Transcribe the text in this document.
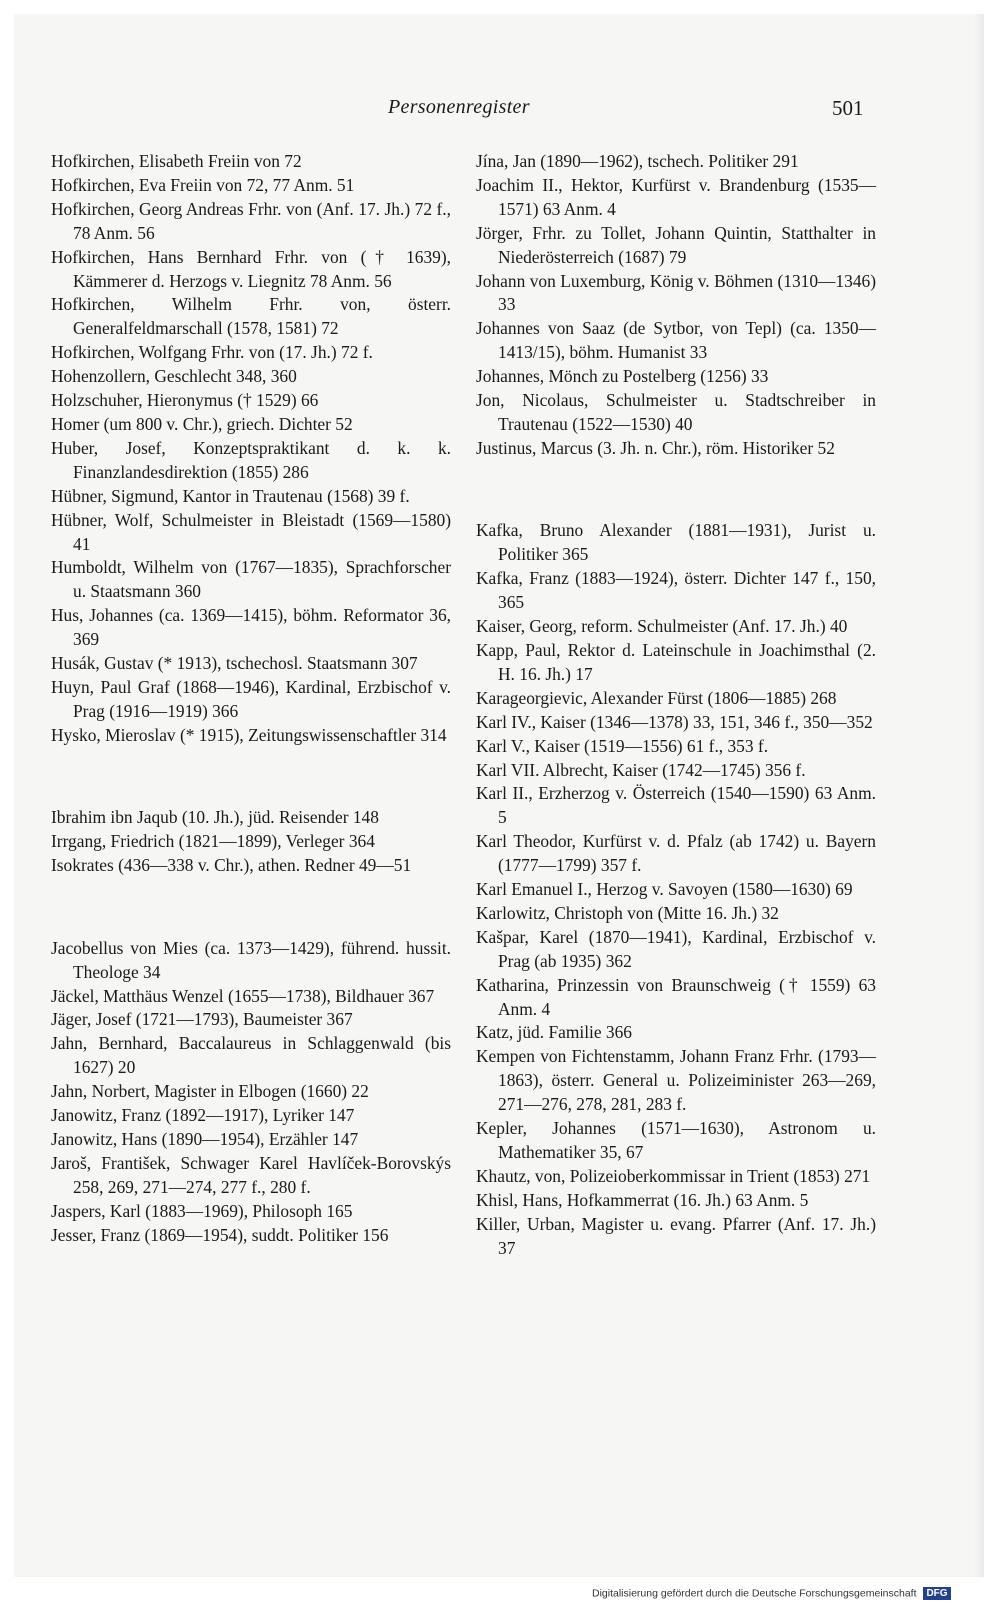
Personenregister	501

Hofkirchen, Elisabeth Freiin von 72

Hofkirchen, Eva Freiin von 72, 77 Anm. 51

Hofkirchen, Georg Andreas Frhr. von (Anf. 17. Jh.) 72 f., 78 Anm. 56

Hofkirchen, Hans Bernhard Frhr. von († 1639), Kämmerer d. Herzogs v. Liegnitz 78 Anm. 56

Hofkirchen, Wilhelm Frhr. von, österr. Generalfeldmarschall (1578, 1581) 72

Hofkirchen, Wolfgang Frhr. von (17. Jh.) 72 f.

Hohenzollern, Geschlecht 348, 360

Holzschuher, Hieronymus († 1529) 66

Homer (um 800 v. Chr.), griech. Dichter 52

Huber, Josef, Konzeptspraktikant d. k. k. Finanzlandesdirektion (1855) 286

Hübner, Sigmund, Kantor in Trautenau (1568) 39 f.

Hübner, Wolf, Schulmeister in Bleistadt (1569—1580) 41

Humboldt, Wilhelm von (1767—1835), Sprachforscher u. Staatsmann 360

Hus, Johannes (ca. 1369—1415), böhm. Reformator 36, 369

Husák, Gustav (* 1913), tschechosl. Staatsmann 307

Huyn, Paul Graf (1868—1946), Kardinal, Erzbischof v. Prag (1916—1919) 366

Hysko, Mieroslav (* 1915), Zeitungswissenschaftler 314

Ibrahim ibn Jaqub (10. Jh.), jüd. Reisender 148

Irrgang, Friedrich (1821—1899), Verleger 364

Isokrates (436—338 v. Chr.), athen. Redner 49—51

Jacobellus von Mies (ca. 1373—1429), führend. hussit. Theologe 34

Jäckel, Matthäus Wenzel (1655—1738), Bildhauer 367

Jäger, Josef (1721—1793), Baumeister 367

Jahn, Bernhard, Baccalaureus in Schlaggenwald (bis 1627) 20

Jahn, Norbert, Magister in Elbogen (1660) 22

Janowitz, Franz (1892—1917), Lyriker 147

Janowitz, Hans (1890—1954), Erzähler 147

Jaroš, František, Schwager Karel Havlíček-Borovskýs 258, 269, 271—274, 277 f., 280 f.

Jaspers, Karl (1883—1969), Philosoph 165

Jesser, Franz (1869—1954), suddt. Politiker 156

Jína, Jan (1890—1962), tschech. Politiker 291

Joachim II., Hektor, Kurfürst v. Brandenburg (1535—1571) 63 Anm. 4

Jörger, Frhr. zu Tollet, Johann Quintin, Statthalter in Niederösterreich (1687) 79

Johann von Luxemburg, König v. Böhmen (1310—1346) 33

Johannes von Saaz (de Sytbor, von Tepl) (ca. 1350—1413/15), böhm. Humanist 33

Johannes, Mönch zu Postelberg (1256) 33

Jon, Nicolaus, Schulmeister u. Stadtschreiber in Trautenau (1522—1530) 40

Justinus, Marcus (3. Jh. n. Chr.), röm. Historiker 52

Kafka, Bruno Alexander (1881—1931), Jurist u. Politiker 365

Kafka, Franz (1883—1924), österr. Dichter 147 f., 150, 365

Kaiser, Georg, reform. Schulmeister (Anf. 17. Jh.) 40

Kapp, Paul, Rektor d. Lateinschule in Joachimsthal (2. H. 16. Jh.) 17

Karageorgievic, Alexander Fürst (1806—1885) 268

Karl IV., Kaiser (1346—1378) 33, 151, 346 f., 350—352

Karl V., Kaiser (1519—1556) 61 f., 353 f.

Karl VII. Albrecht, Kaiser (1742—1745) 356 f.

Karl II., Erzherzog v. Österreich (1540—1590) 63 Anm. 5

Karl Theodor, Kurfürst v. d. Pfalz (ab 1742) u. Bayern (1777—1799) 357 f.

Karl Emanuel I., Herzog v. Savoyen (1580—1630) 69

Karlowitz, Christoph von (Mitte 16. Jh.) 32

Kašpar, Karel (1870—1941), Kardinal, Erzbischof v. Prag (ab 1935) 362

Katharina, Prinzessin von Braunschweig († 1559) 63 Anm. 4

Katz, jüd. Familie 366

Kempen von Fichtenstamm, Johann Franz Frhr. (1793—1863), österr. General u. Polizeiminister 263—269, 271—276, 278, 281, 283 f.

Kepler, Johannes (1571—1630), Astronom u. Mathematiker 35, 67

Khautz, von, Polizeioberkommissar in Trient (1853) 271

Khisl, Hans, Hofkammerrat (16. Jh.) 63 Anm. 5

Killer, Urban, Magister u. evang. Pfarrer (Anf. 17. Jh.) 37

Digitalisierung gefördert durch die Deutsche Forschungsgemeinschaft DFG
